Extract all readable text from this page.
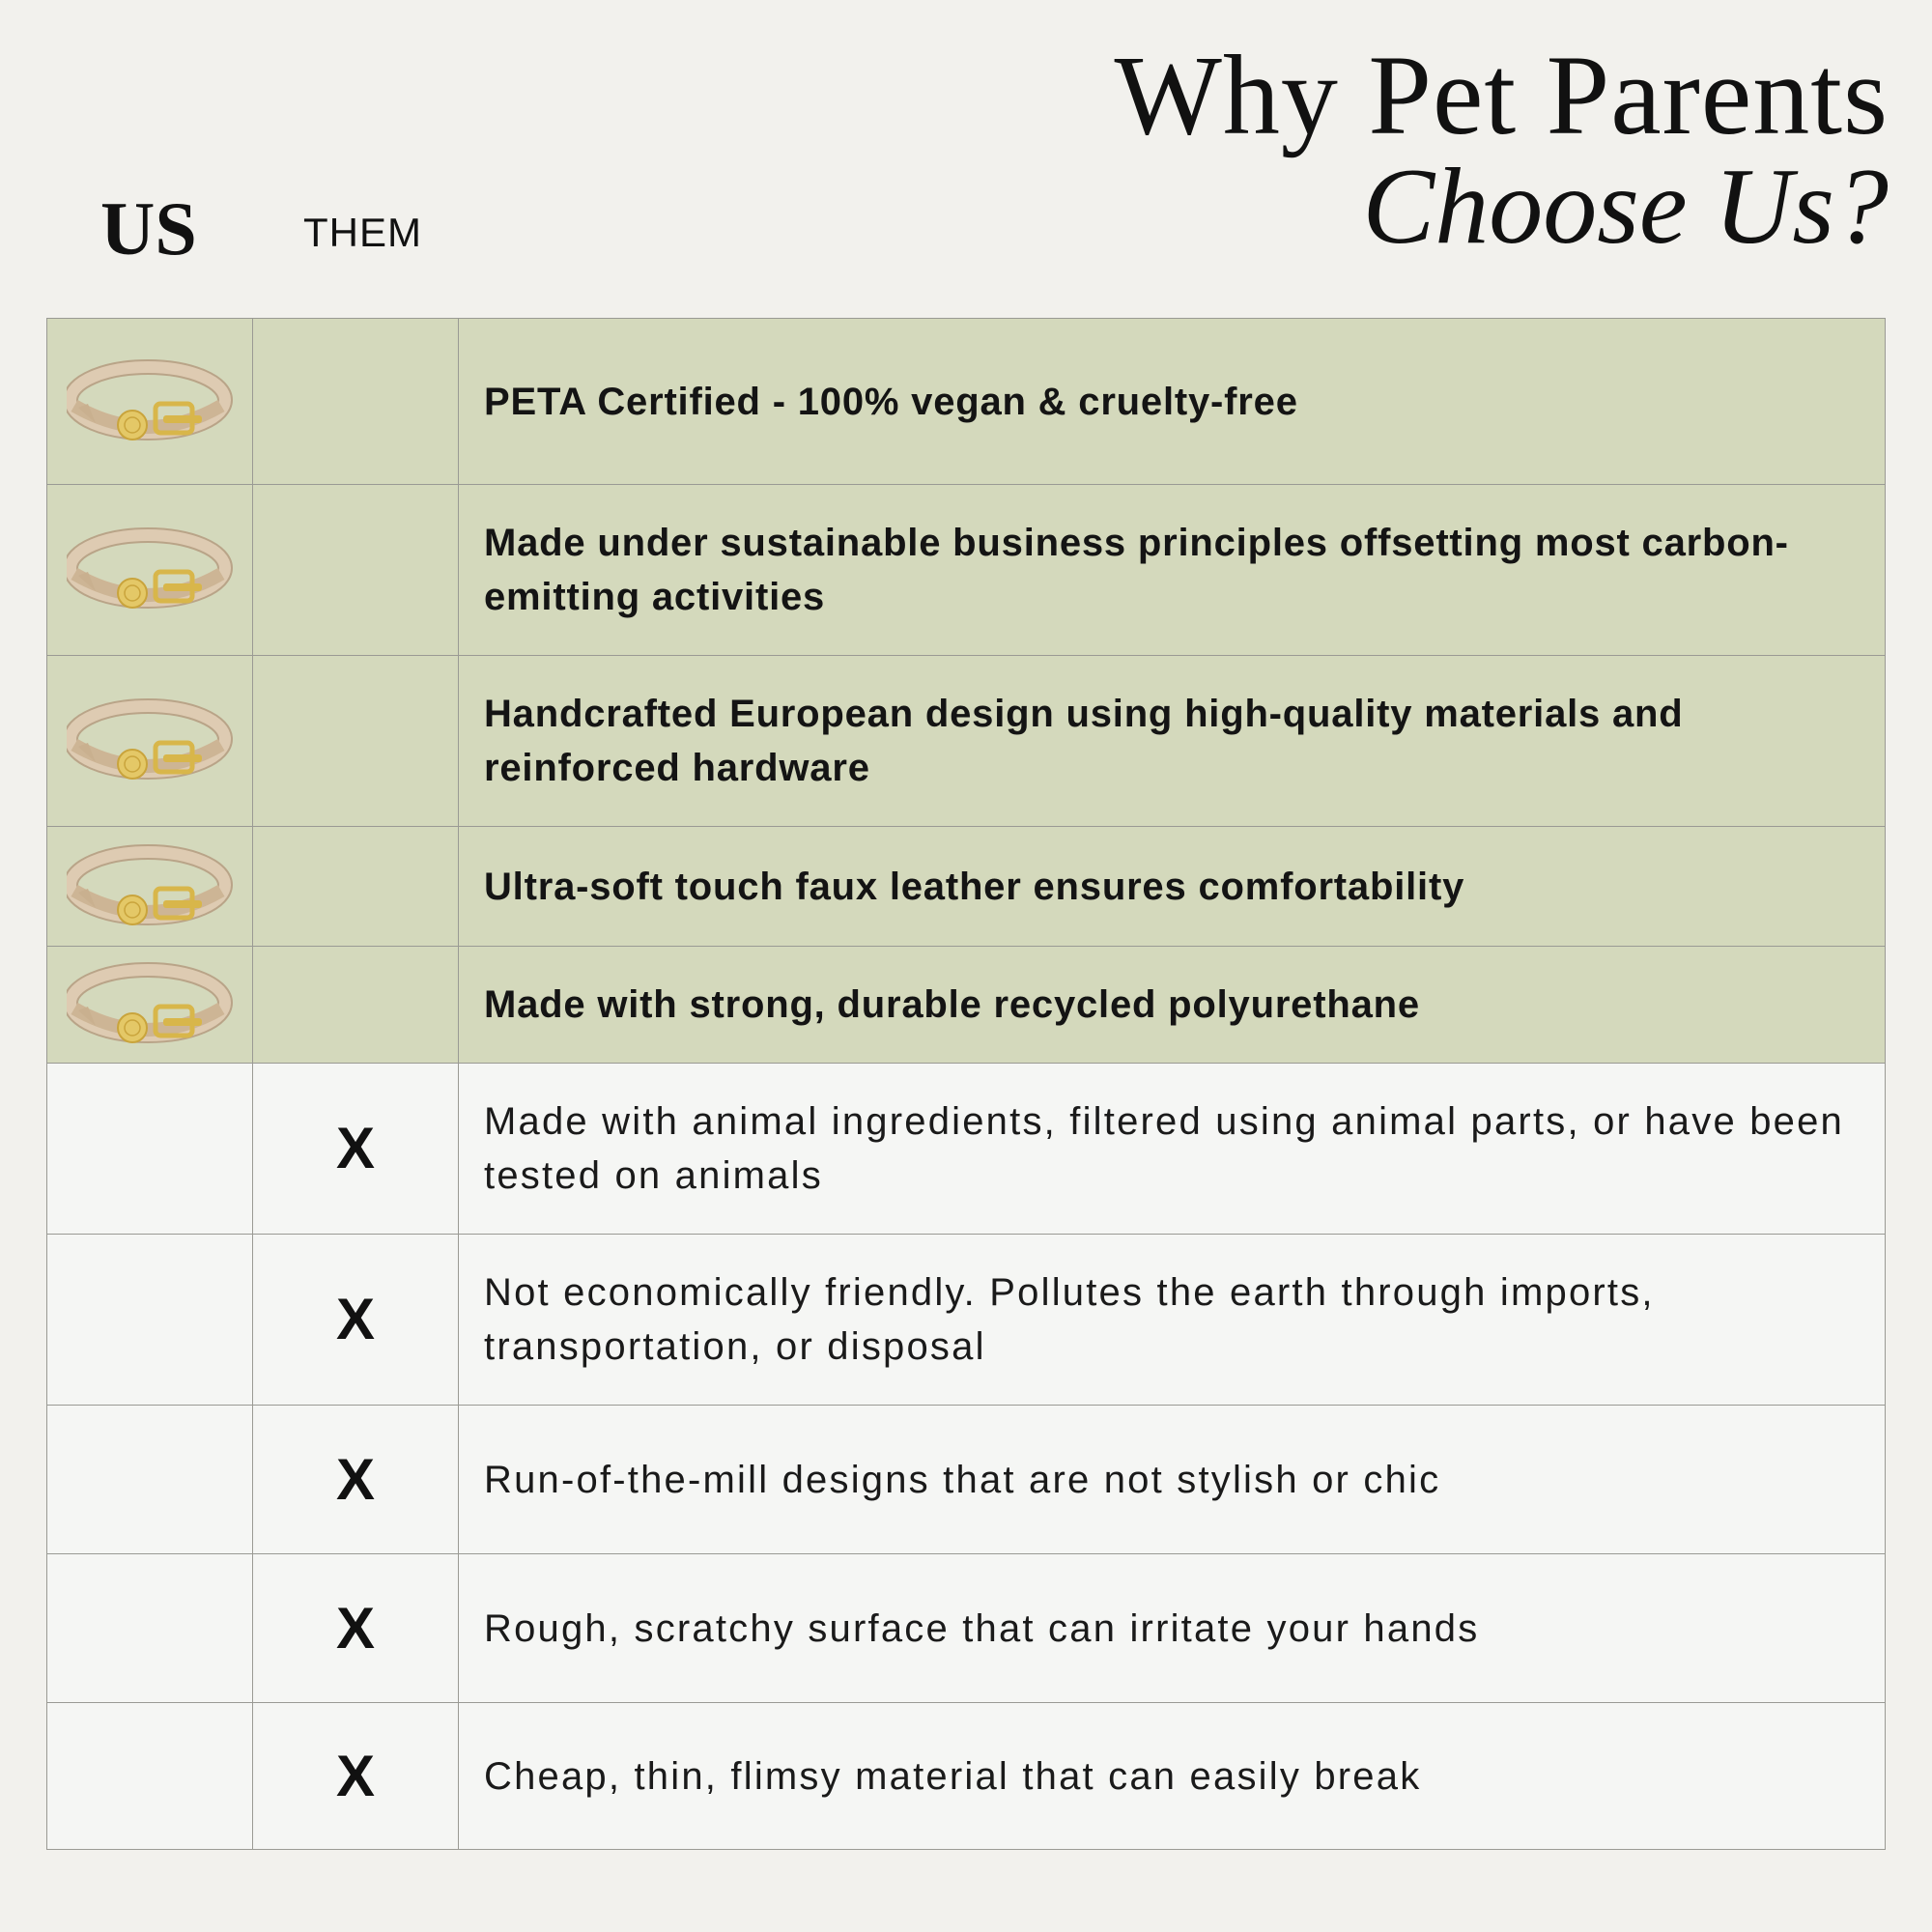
Why Pet Parents
Choose Us?
US	THEM
PETA Certified - 100% vegan & cruelty-free
Made under sustainable business principles offsetting most carbon-emitting activities
Handcrafted European design using high-quality materials and reinforced hardware
Ultra-soft touch faux leather ensures comfortability
Made with strong, durable recycled polyurethane
X	Made with animal ingredients, filtered using animal parts, or have been tested on animals
X	Not economically friendly. Pollutes the earth through imports, transportation, or disposal
X	Run-of-the-mill designs that are not stylish or chic
X	Rough, scratchy surface that can irritate your hands
X	Cheap, thin, flimsy material that can easily break
